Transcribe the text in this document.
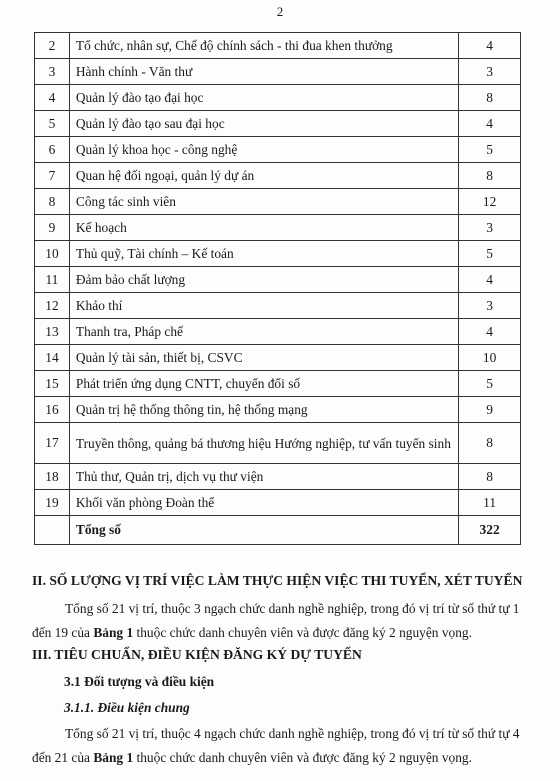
2
2	Tổ chức, nhân sự, Chế độ chính sách - thi đua khen thưởng	4
3	Hành chính - Văn thư	3
4	Quản lý đào tạo đại học	8
5	Quản lý đào tạo sau đại học	4
6	Quản lý khoa học - công nghệ	5
7	Quan hệ đối ngoại, quản lý dự án	8
8	Công tác sinh viên	12
9	Kế hoạch	3
10	Thủ quỹ, Tài chính – Kế toán	5
11	Đảm bảo chất lượng	4
12	Khảo thí	3
13	Thanh tra, Pháp chế	4
14	Quản lý tài sản, thiết bị, CSVC	10
15	Phát triển ứng dụng CNTT, chuyển đổi số	5
16	Quản trị hệ thống thông tin, hệ thống mạng	9
17	Truyền thông, quảng bá thương hiệu Hướng nghiệp, tư vấn tuyển sinh	8
18	Thủ thư, Quản trị, dịch vụ thư viện	8
19	Khối văn phòng Đoàn thể	11
	Tổng số	322
II. SỐ LƯỢNG VỊ TRÍ VIỆC LÀM THỰC HIỆN VIỆC THI TUYỂN, XÉT TUYỂN
Tổng số 21 vị trí, thuộc 3 ngạch chức danh nghề nghiệp, trong đó vị trí từ số thứ tự 1 đến 19 của Bảng 1 thuộc chức danh chuyên viên và được đăng ký 2 nguyện vọng.
III. TIÊU CHUẨN, ĐIỀU KIỆN ĐĂNG KÝ DỰ TUYỂN
3.1 Đối tượng và điều kiện
3.1.1. Điều kiện chung
Tổng số 21 vị trí, thuộc 4 ngạch chức danh nghề nghiệp, trong đó vị trí từ số thứ tự 4 đến 21 của Bảng 1 thuộc chức danh chuyên viên và được đăng ký 2 nguyện vọng.
